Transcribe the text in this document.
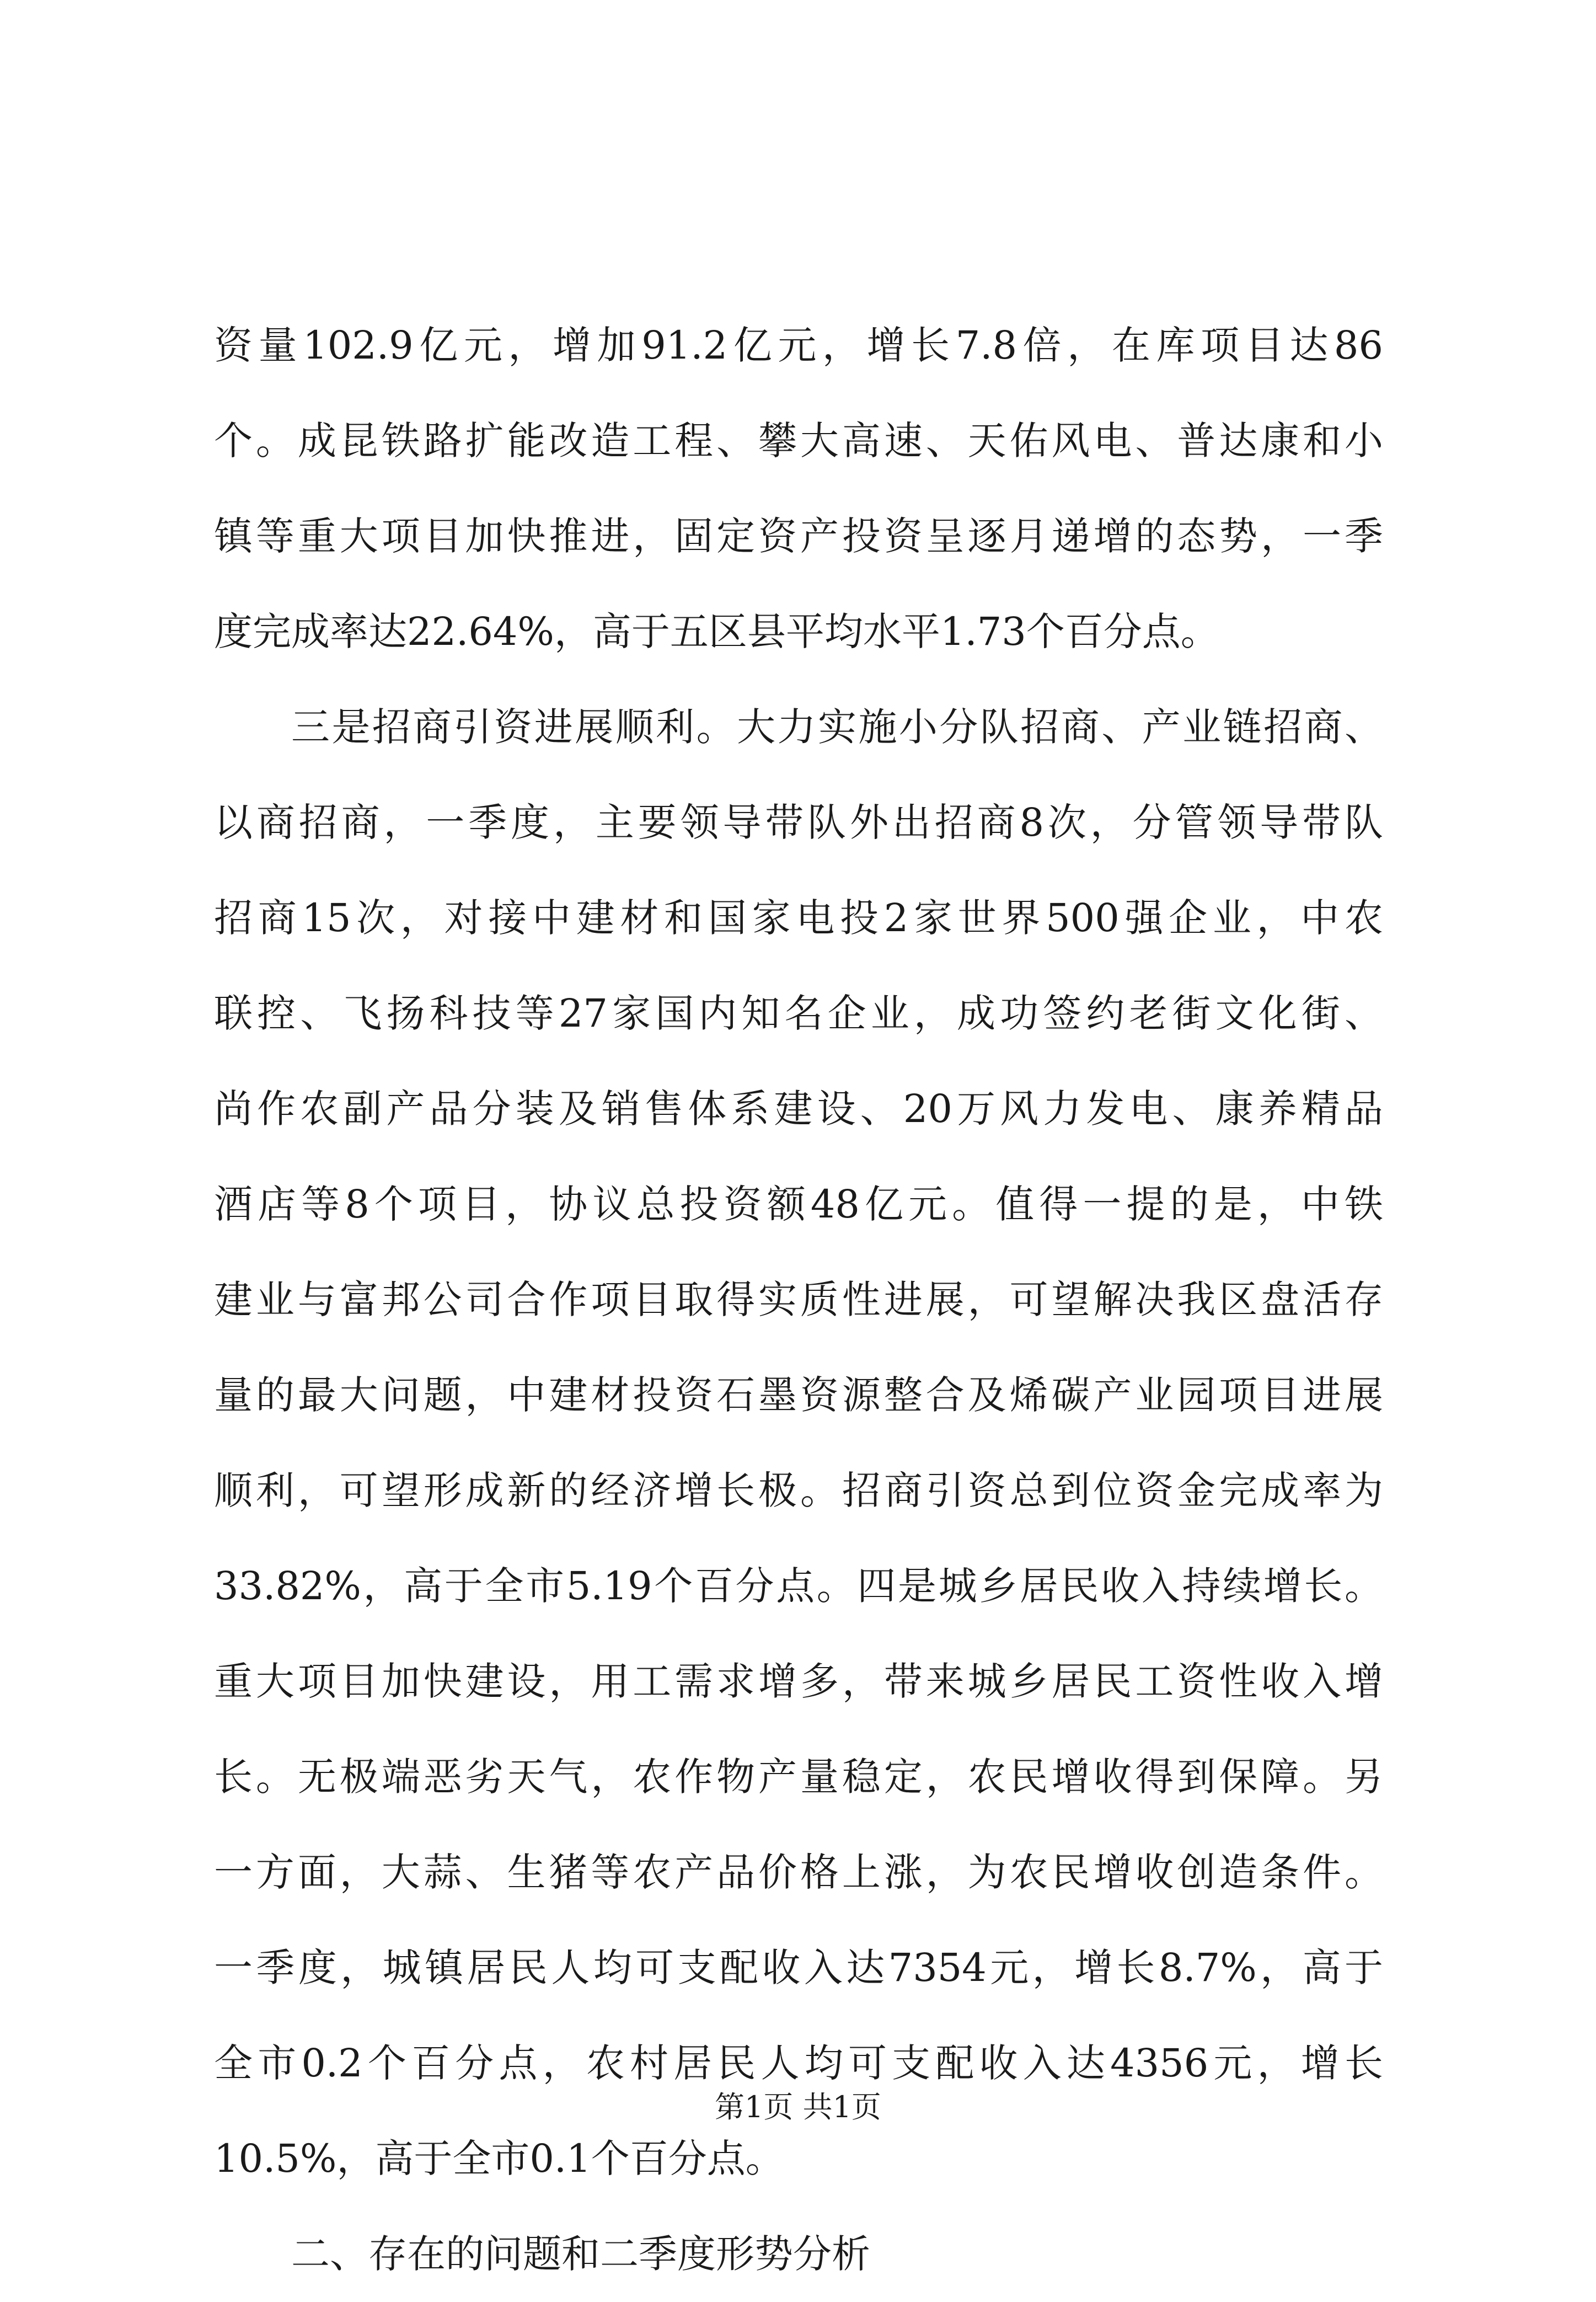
资量102.9亿元，增加91.2亿元，增长7.8倍，在库项目达86
个。成昆铁路扩能改造工程、攀大高速、天佑风电、普达康和小
镇等重大项目加快推进，固定资产投资呈逐月递增的态势，一季
度完成率达22.64%，高于五区县平均水平1.73个百分点。
三是招商引资进展顺利。大力实施小分队招商、产业链招商、
以商招商，一季度，主要领导带队外出招商8次，分管领导带队
招商15次，对接中建材和国家电投2家世界500强企业，中农
联控、飞扬科技等27家国内知名企业，成功签约老街文化街、
尚作农副产品分装及销售体系建设、20万风力发电、康养精品
酒店等8个项目，协议总投资额48亿元。值得一提的是，中铁
建业与富邦公司合作项目取得实质性进展，可望解决我区盘活存
量的最大问题，中建材投资石墨资源整合及烯碳产业园项目进展
顺利，可望形成新的经济增长极。招商引资总到位资金完成率为
33.82%，高于全市5.19个百分点。四是城乡居民收入持续增长。
重大项目加快建设，用工需求增多，带来城乡居民工资性收入增
长。无极端恶劣天气，农作物产量稳定，农民增收得到保障。另
一方面，大蒜、生猪等农产品价格上涨，为农民增收创造条件。
一季度，城镇居民人均可支配收入达7354元，增长8.7%，高于
全市0.2个百分点，农村居民人均可支配收入达4356元，增长
10.5%，高于全市0.1个百分点。
二、存在的问题和二季度形势分析
第1页 共1页
